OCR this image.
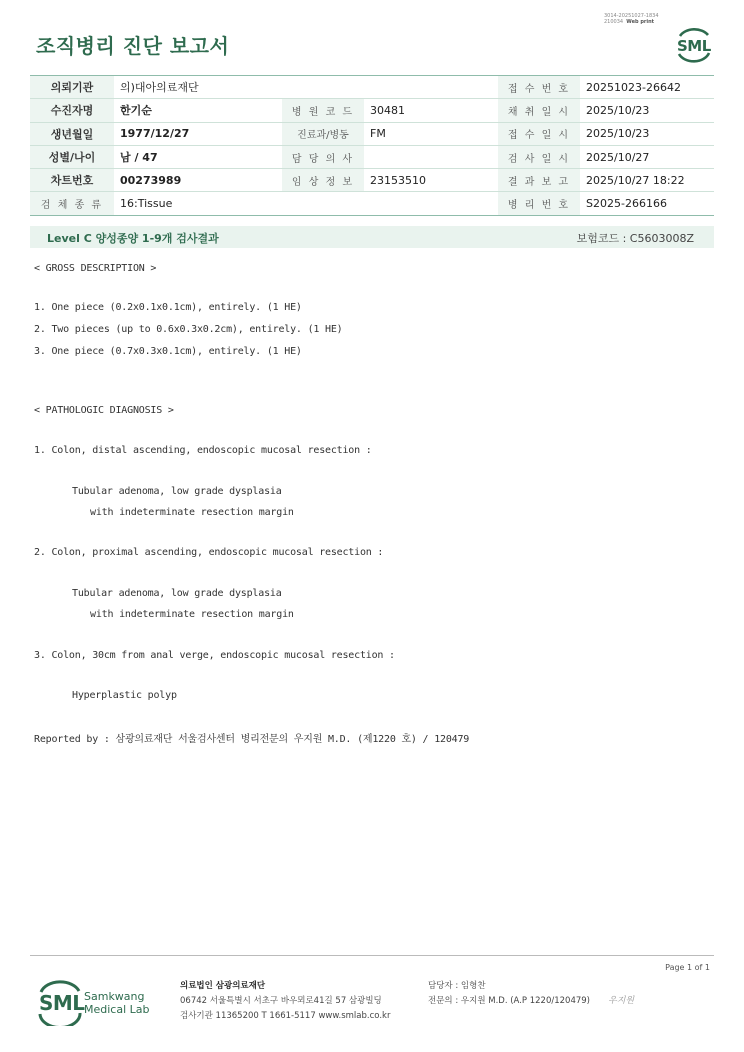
3014-20251027-1834
210034 Web print
조직병리 진단 보고서	SML
의뢰기관	의)대아의료재단			접 수 번 호	20251023-26642
수진자명	한기순	병 원 코 드	30481	채 취 일 시	2025/10/23
생년월일	1977/12/27	진료과/병동	FM	접 수 일 시	2025/10/23
성별/나이	남 / 47	담 당 의 사		검 사 일 시	2025/10/27
차트번호	00273989	임 상 정 보	23153510	결 과 보 고	2025/10/27 18:22
검 체 종 류	16:Tissue			병 리 번 호	S2025-266166
Level C 양성종양 1-9개 검사결과	보험코드 : C5603008Z
< GROSS DESCRIPTION >
1. One piece (0.2x0.1x0.1cm), entirely. (1 HE)
2. Two pieces (up to 0.6x0.3x0.2cm), entirely. (1 HE)
3. One piece (0.7x0.3x0.1cm), entirely. (1 HE)
< PATHOLOGIC DIAGNOSIS >
1. Colon, distal ascending, endoscopic mucosal resection :
Tubular adenoma, low grade dysplasia
with indeterminate resection margin
2. Colon, proximal ascending, endoscopic mucosal resection :
Tubular adenoma, low grade dysplasia
with indeterminate resection margin
3. Colon, 30cm from anal verge, endoscopic mucosal resection :
Hyperplastic polyp
Reported by : 삼광의료재단 서울검사센터 병리전문의 우지원 M.D. (제1220 호) / 120479
Page 1 of 1
SML Samkwang
Medical Lab
의료법인 삼광의료재단
06742 서울특별시 서초구 바우뫼로41길 57 삼광빌딩
검사기관 11365200 T 1661-5117 www.smlab.co.kr
담당자 : 임형찬
전문의 : 우지원 M.D. (A.P 1220/120479) 우지원
